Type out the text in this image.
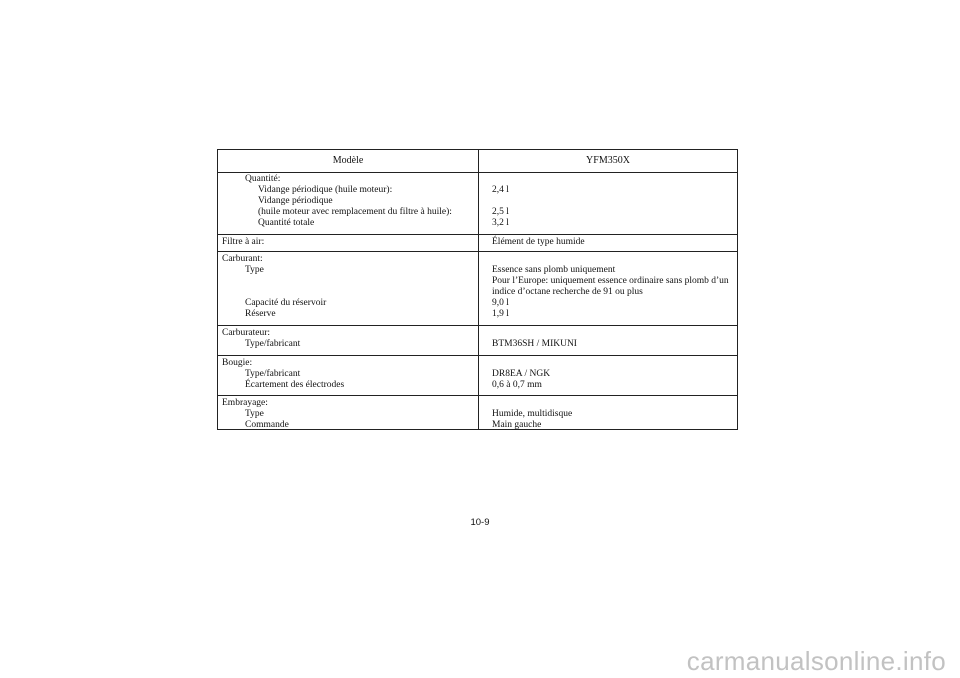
Modèle	YFM350X
Quantité:
Vidange périodique (huile moteur):	2,4 l
Vidange périodique
(huile moteur avec remplacement du filtre à huile):	2,5 l
Quantité totale	3,2 l
Filtre à air:	Élément de type humide
Carburant:
Type	Essence sans plomb uniquement
Pour l’Europe: uniquement essence ordinaire sans plomb d’un
indice d’octane recherche de 91 ou plus
Capacité du réservoir	9,0 l
Réserve	1,9 l
Carburateur:
Type/fabricant	BTM36SH / MIKUNI
Bougie:
Type/fabricant	DR8EA / NGK
Écartement des électrodes	0,6 à 0,7 mm
Embrayage:
Type	Humide, multidisque
Commande	Main gauche
10-9
carmanualsonline.info
